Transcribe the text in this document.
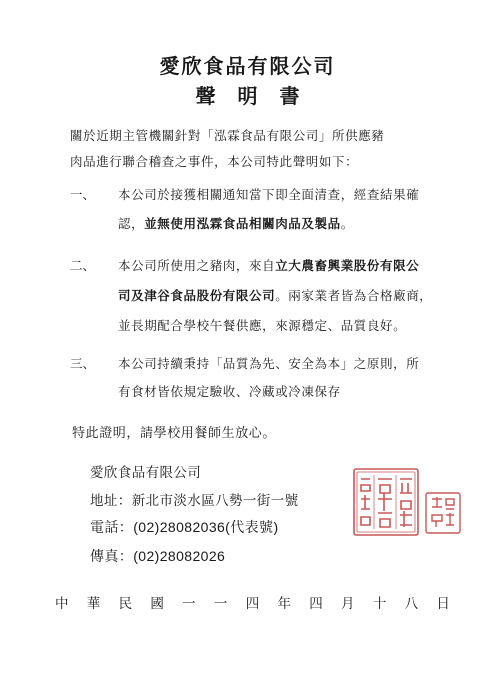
愛欣食品有限公司
聲明書
關於近期主管機關針對「泓霖食品有限公司」所供應豬
肉品進行聯合稽查之事件，本公司特此聲明如下：
一、 本公司於接獲相關通知當下即全面清查，經查結果確
認，並無使用泓霖食品相關肉品及製品。
二、 本公司所使用之豬肉，來自立大農畜興業股份有限公
司及津谷食品股份有限公司。兩家業者皆為合格廠商，
並長期配合學校午餐供應，來源穩定、品質良好。
三、 本公司持續秉持「品質為先、安全為本」之原則，所
有食材皆依規定驗收、冷藏或冷凍保存
特此證明，請學校用餐師生放心。
愛欣食品有限公司
地址：新北市淡水區八勢一街一號
電話：(02)28082036(代表號)
傳真：(02)28082026
中 華 民 國 一 一 四 年 四 月 十 八 日
